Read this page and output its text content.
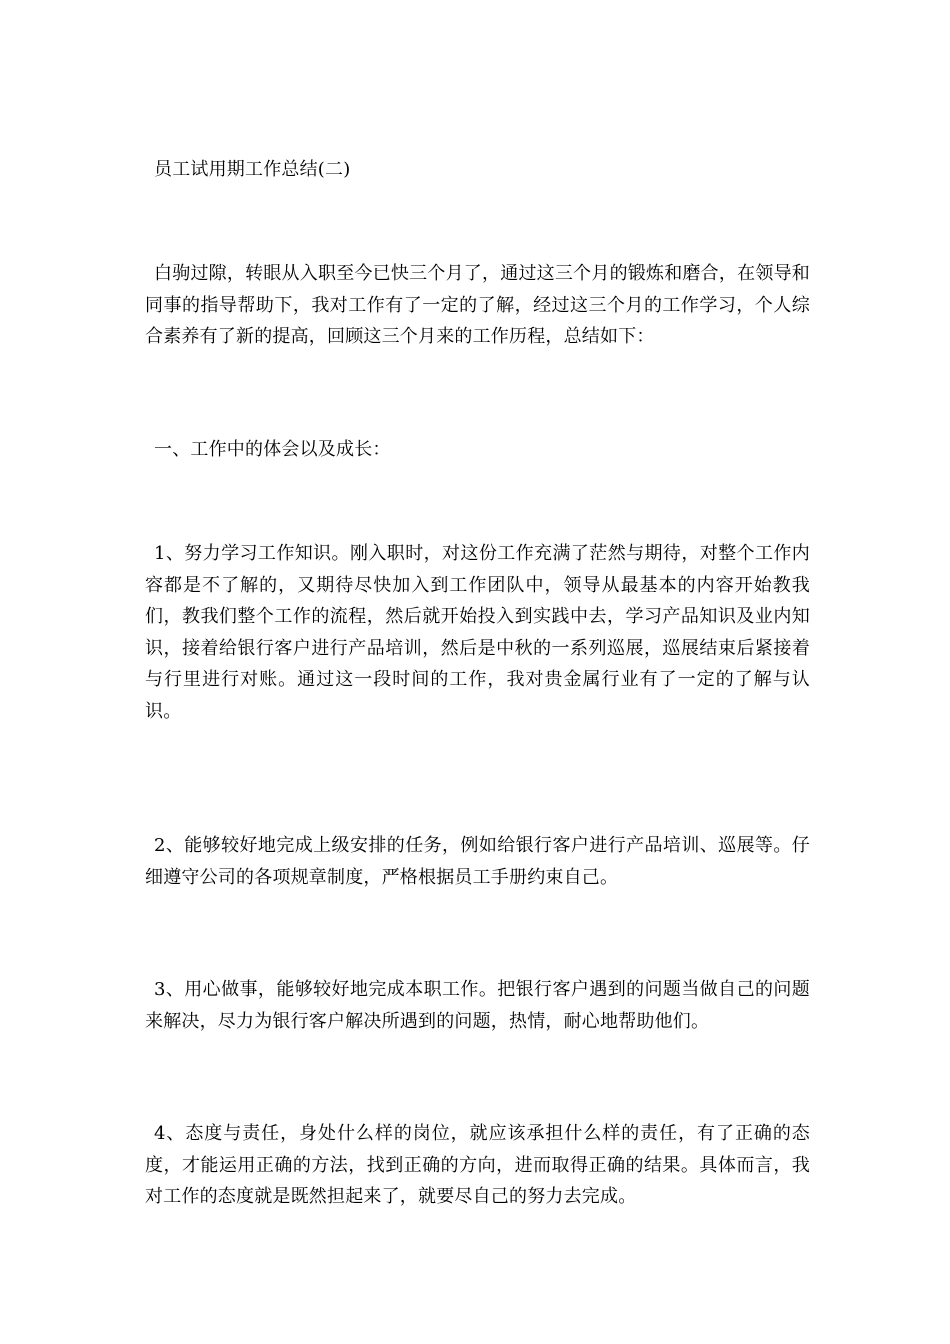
员工试用期工作总结(二)

白驹过隙，转眼从入职至今已快三个月了，通过这三个月的锻炼和磨合，在领导和同事的指导帮助下，我对工作有了一定的了解，经过这三个月的工作学习，个人综合素养有了新的提高，回顾这三个月来的工作历程，总结如下：

一、工作中的体会以及成长：

1、努力学习工作知识。刚入职时，对这份工作充满了茫然与期待，对整个工作内容都是不了解的，又期待尽快加入到工作团队中，领导从最基本的内容开始教我们，教我们整个工作的流程，然后就开始投入到实践中去，学习产品知识及业内知识，接着给银行客户进行产品培训，然后是中秋的一系列巡展，巡展结束后紧接着与行里进行对账。通过这一段时间的工作，我对贵金属行业有了一定的了解与认识。

2、能够较好地完成上级安排的任务，例如给银行客户进行产品培训、巡展等。仔细遵守公司的各项规章制度，严格根据员工手册约束自己。

3、用心做事，能够较好地完成本职工作。把银行客户遇到的问题当做自己的问题来解决，尽力为银行客户解决所遇到的问题，热情，耐心地帮助他们。

4、态度与责任，身处什么样的岗位，就应该承担什么样的责任，有了正确的态度，才能运用正确的方法，找到正确的方向，进而取得正确的结果。具体而言，我对工作的态度就是既然担起来了，就要尽自己的努力去完成。
